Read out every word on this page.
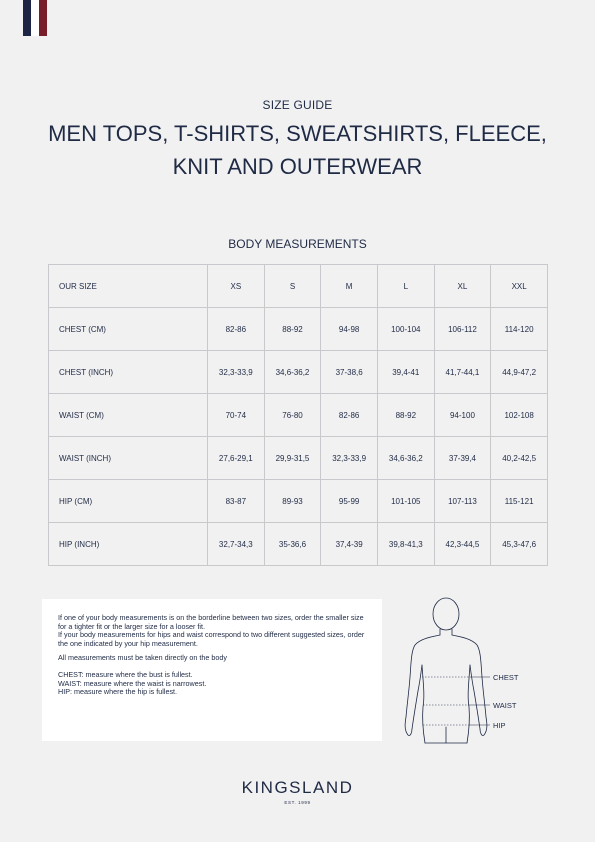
SIZE GUIDE
MEN TOPS, T-SHIRTS, SWEATSHIRTS, FLEECE,
KNIT AND OUTERWEAR
BODY MEASUREMENTS
OUR SIZE	XS	S	M	L	XL	XXL
CHEST (CM)	82-86	88-92	94-98	100-104	106-112	114-120
CHEST (INCH)	32,3-33,9	34,6-36,2	37-38,6	39,4-41	41,7-44,1	44,9-47,2
WAIST (CM)	70-74	76-80	82-86	88-92	94-100	102-108
WAIST (INCH)	27,6-29,1	29,9-31,5	32,3-33,9	34,6-36,2	37-39,4	40,2-42,5
HIP (CM)	83-87	89-93	95-99	101-105	107-113	115-121
HIP (INCH)	32,7-34,3	35-36,6	37,4-39	39,8-41,3	42,3-44,5	45,3-47,6

If one of your body measurements is on the borderline between two sizes, order the smaller size for a tighter fit or the larger size for a looser fit.

If your body measurements for hips and waist correspond to two different suggested sizes, order the one indicated by your hip measurement.

All measurements must be taken directly on the body

CHEST: measure where the bust is fullest.

WAIST: measure where the waist is narrowest.

HIP: measure where the hip is fullest.

CHEST
WAIST
HIP
KINGSLAND
EST. 1999
